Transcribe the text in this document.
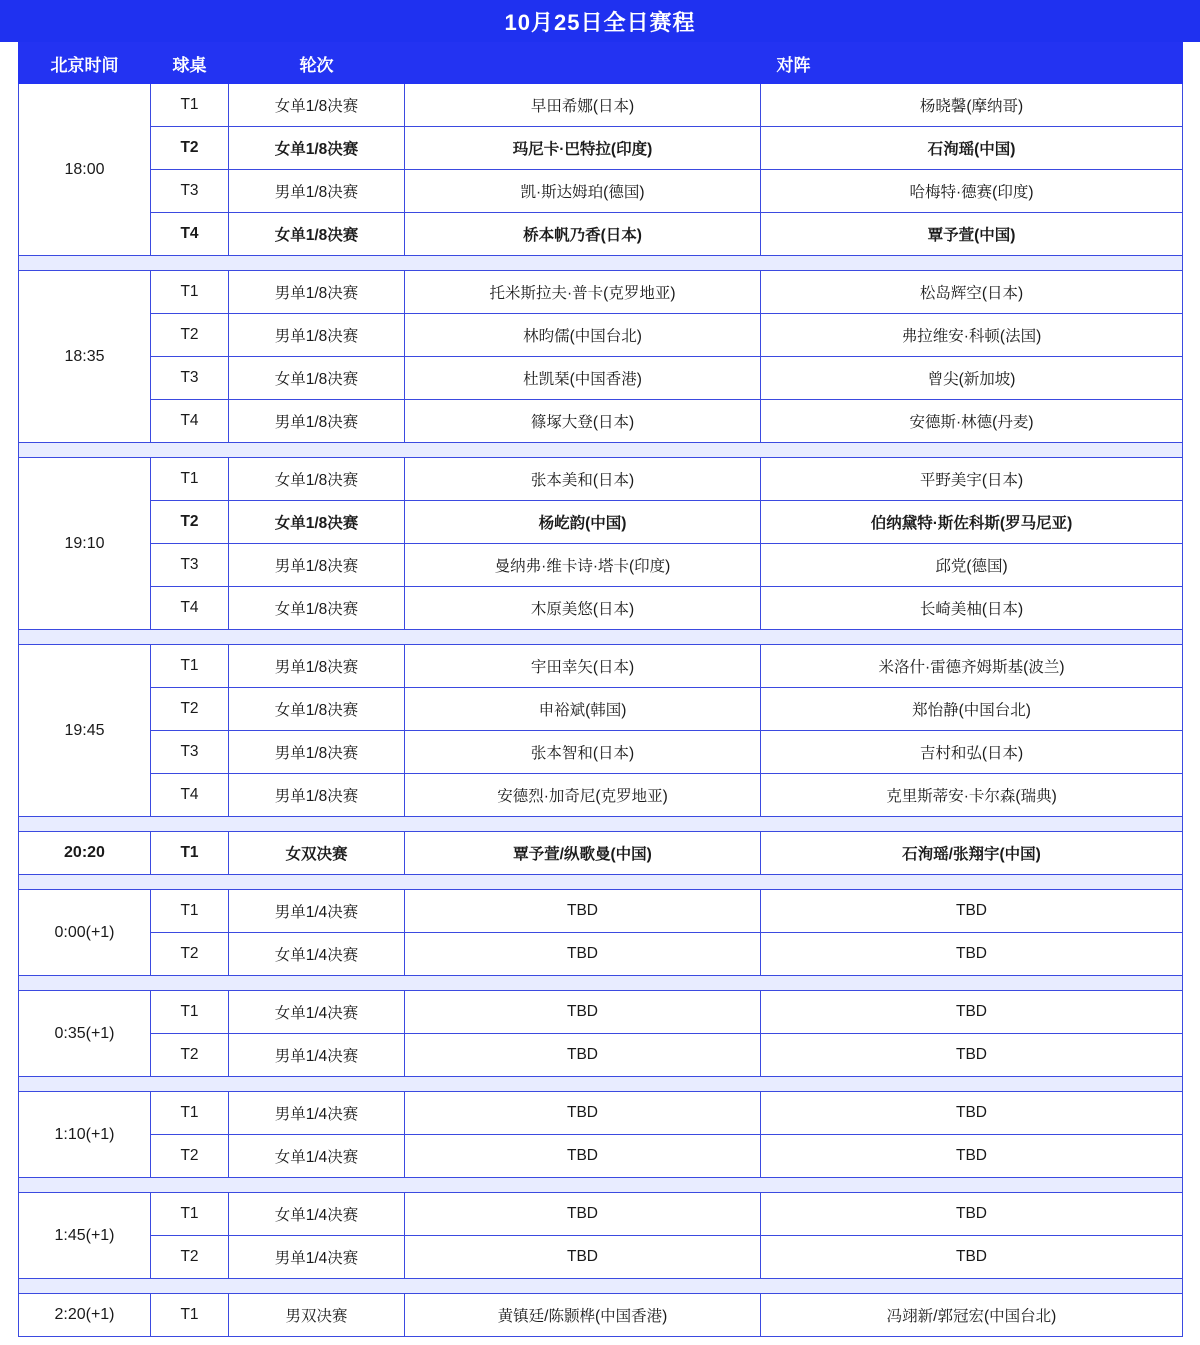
10月25日全日赛程
北京时间	球桌	轮次	对阵	
18:00	T1	女单1/8决赛	早田希娜(日本)	杨晓馨(摩纳哥)
	T2	女单1/8决赛	玛尼卡·巴特拉(印度)	石洵瑶(中国)
	T3	男单1/8决赛	凯·斯达姆珀(德国)	哈梅特·德赛(印度)
	T4	女单1/8决赛	桥本帆乃香(日本)	覃予萱(中国)

18:35	T1	男单1/8决赛	托米斯拉夫·普卡(克罗地亚)	松岛辉空(日本)
	T2	男单1/8决赛	林昀儒(中国台北)	弗拉维安·科顿(法国)
	T3	女单1/8决赛	杜凯琹(中国香港)	曾尖(新加坡)
	T4	男单1/8决赛	篠塚大登(日本)	安德斯·林德(丹麦)

19:10	T1	女单1/8决赛	张本美和(日本)	平野美宇(日本)
	T2	女单1/8决赛	杨屹韵(中国)	伯纳黛特·斯佐科斯(罗马尼亚)
	T3	男单1/8决赛	曼纳弗·维卡诗·塔卡(印度)	邱党(德国)
	T4	女单1/8决赛	木原美悠(日本)	长崎美柚(日本)

19:45	T1	男单1/8决赛	宇田幸矢(日本)	米洛什·雷德齐姆斯基(波兰)
	T2	女单1/8决赛	申裕斌(韩国)	郑怡静(中国台北)
	T3	男单1/8决赛	张本智和(日本)	吉村和弘(日本)
	T4	男单1/8决赛	安德烈·加奇尼(克罗地亚)	克里斯蒂安·卡尔森(瑞典)

20:20	T1	女双决赛	覃予萱/纵歌曼(中国)	石洵瑶/张翔宇(中国)

0:00(+1)	T1	男单1/4决赛	TBD	TBD
	T2	女单1/4决赛	TBD	TBD

0:35(+1)	T1	女单1/4决赛	TBD	TBD
	T2	男单1/4决赛	TBD	TBD

1:10(+1)	T1	男单1/4决赛	TBD	TBD
	T2	女单1/4决赛	TBD	TBD

1:45(+1)	T1	女单1/4决赛	TBD	TBD
	T2	男单1/4决赛	TBD	TBD

2:20(+1)	T1	男双决赛	黄镇廷/陈颢桦(中国香港)	冯翊新/郭冠宏(中国台北)
